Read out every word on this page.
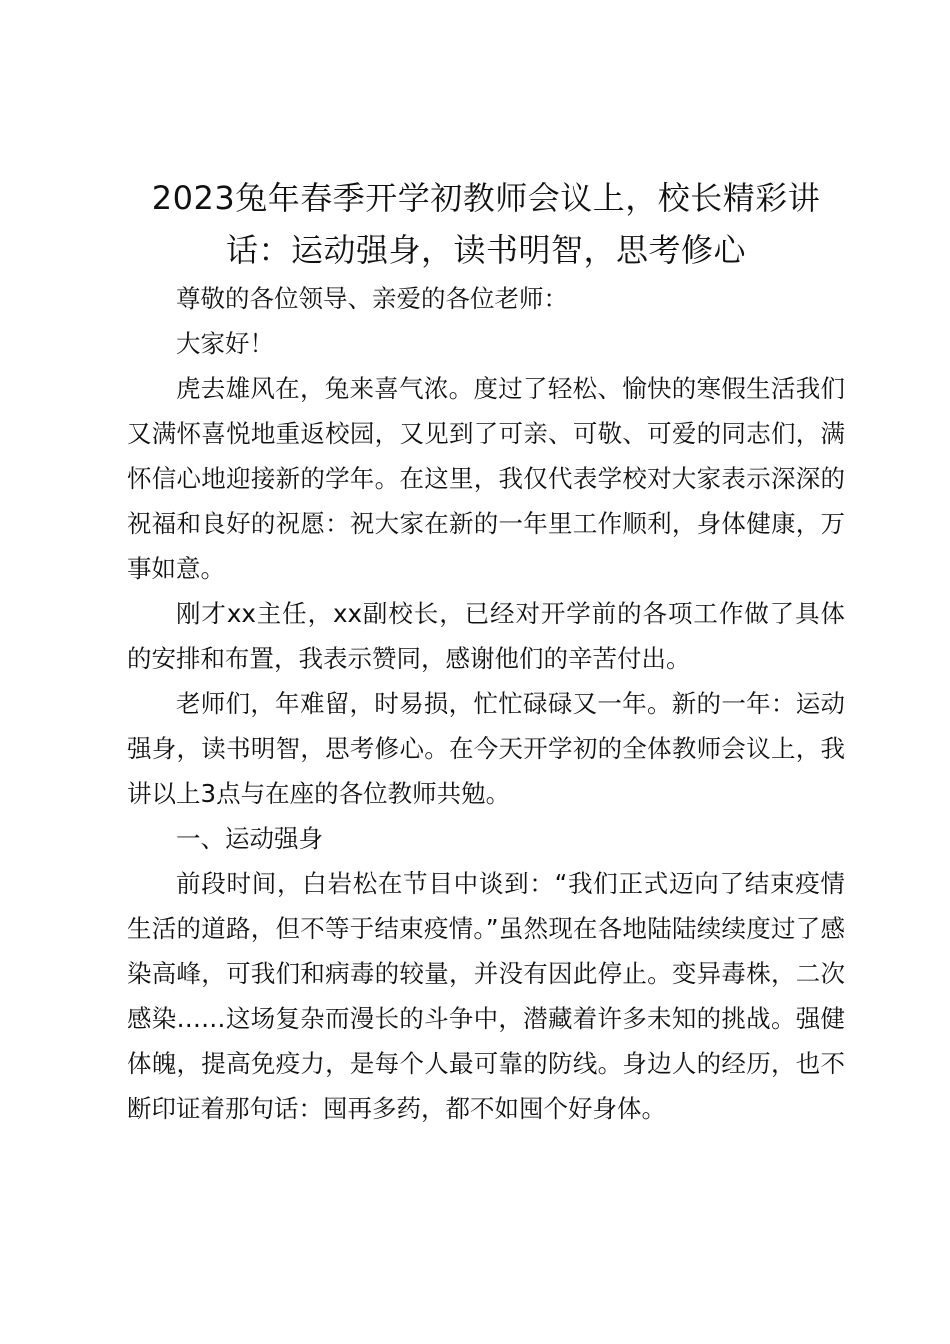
2023兔年春季开学初教师会议上，校长精彩讲话：运动强身，读书明智，思考修心

尊敬的各位领导、亲爱的各位老师：

大家好！

虎去雄风在，兔来喜气浓。度过了轻松、愉快的寒假生活我们又满怀喜悦地重返校园，又见到了可亲、可敬、可爱的同志们，满怀信心地迎接新的学年。在这里，我仅代表学校对大家表示深深的祝福和良好的祝愿：祝大家在新的一年里工作顺利，身体健康，万事如意。

刚才xx主任，xx副校长，已经对开学前的各项工作做了具体的安排和布置，我表示赞同，感谢他们的辛苦付出。

老师们，年难留，时易损，忙忙碌碌又一年。新的一年：运动强身，读书明智，思考修心。在今天开学初的全体教师会议上，我讲以上3点与在座的各位教师共勉。

一、运动强身

前段时间，白岩松在节目中谈到：“我们正式迈向了结束疫情生活的道路，但不等于结束疫情。”虽然现在各地陆陆续续度过了感染高峰，可我们和病毒的较量，并没有因此停止。变异毒株，二次感染……这场复杂而漫长的斗争中，潜藏着许多未知的挑战。强健体魄，提高免疫力，是每个人最可靠的防线。身边人的经历，也不断印证着那句话：囤再多药，都不如囤个好身体。
